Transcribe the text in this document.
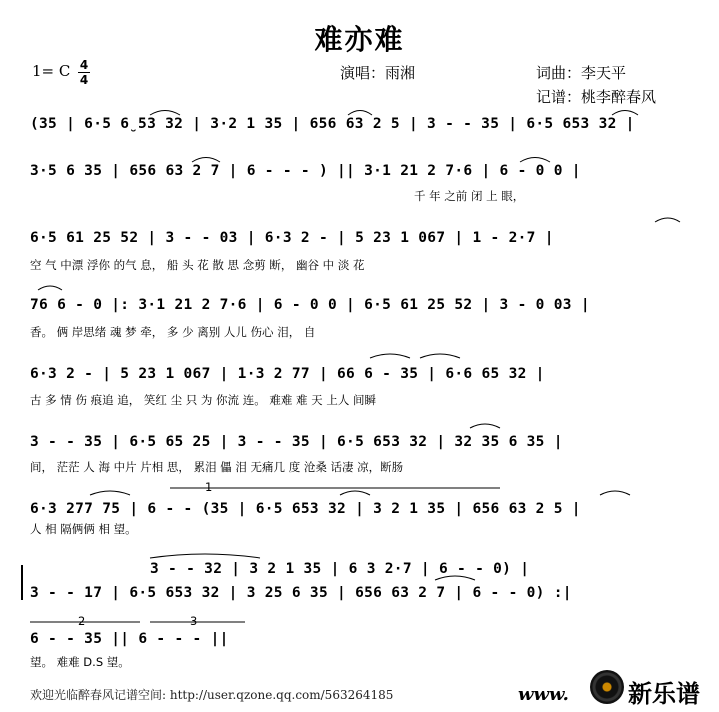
难亦难
1= C 4
4	演唱：雨湘	词曲：李天平
记谱：桃李醉春风
(35 | 6·5 6̮53 32 | 3·2 1 35 | 656 63 2 5 | 3 - - 35 | 6·5 653 32 |
3·5 6 35 | 656 63 2 7 | 6 - - - ) || 3·1 21 2 7·6 | 6 - 0 0 |
千 年 之前 闭 上 眼，
6·5 61 25 52 | 3 - - 03 | 6·3 2 - | 5 23 1 067 | 1 - 2·7 |
空 气 中漂 浮你 的气 息， 船 头 花 散 思 念剪 断， 幽谷 中 淡 花
76 6 - 0 |: 3·1 21 2 7·6 | 6 - 0 0 | 6·5 61 25 52 | 3 - 0 03 |
香。 俩 岸思绪 魂 梦 牵， 多 少 离别 人儿 伤心 泪， 自
6·3 2 - | 5 23 1 067 | 1·3 2 77 | 66 6 - 35 | 6·6 65 32 |
古 多 情 伤 痕追 追， 笑红 尘 只 为 你流 连。 难难 难 天 上人 间瞬
3 - - 35 | 6·5 65 25 | 3 - - 35 | 6·5 653 32 | 32 35 6 35 |
间， 茫茫 人 海 中片 片相 思， 累泪 儡 泪 无痛几 度 沧桑 话凄 凉，断肠
6·3 277 75 | 6 - - (35 | 6·5 653 32 | 3 2 1 35 | 656 63 2 5 |
人 相 隔俩俩 相 望。
3 - - 32 | 3 2 1 35 | 6 3 2·7 | 6 - - 0) |
3 - - 17 | 6·5 653 32 | 3 25 6 35 | 656 63 2 7 | 6 - - 0) :|
6 - - 35 || 6 - - - ||
望。 难难 D.S 望。
1
2	3
欢迎光临醉春风记谱空间: http://user.qzone.qq.com/563264185	www. 新乐谱
